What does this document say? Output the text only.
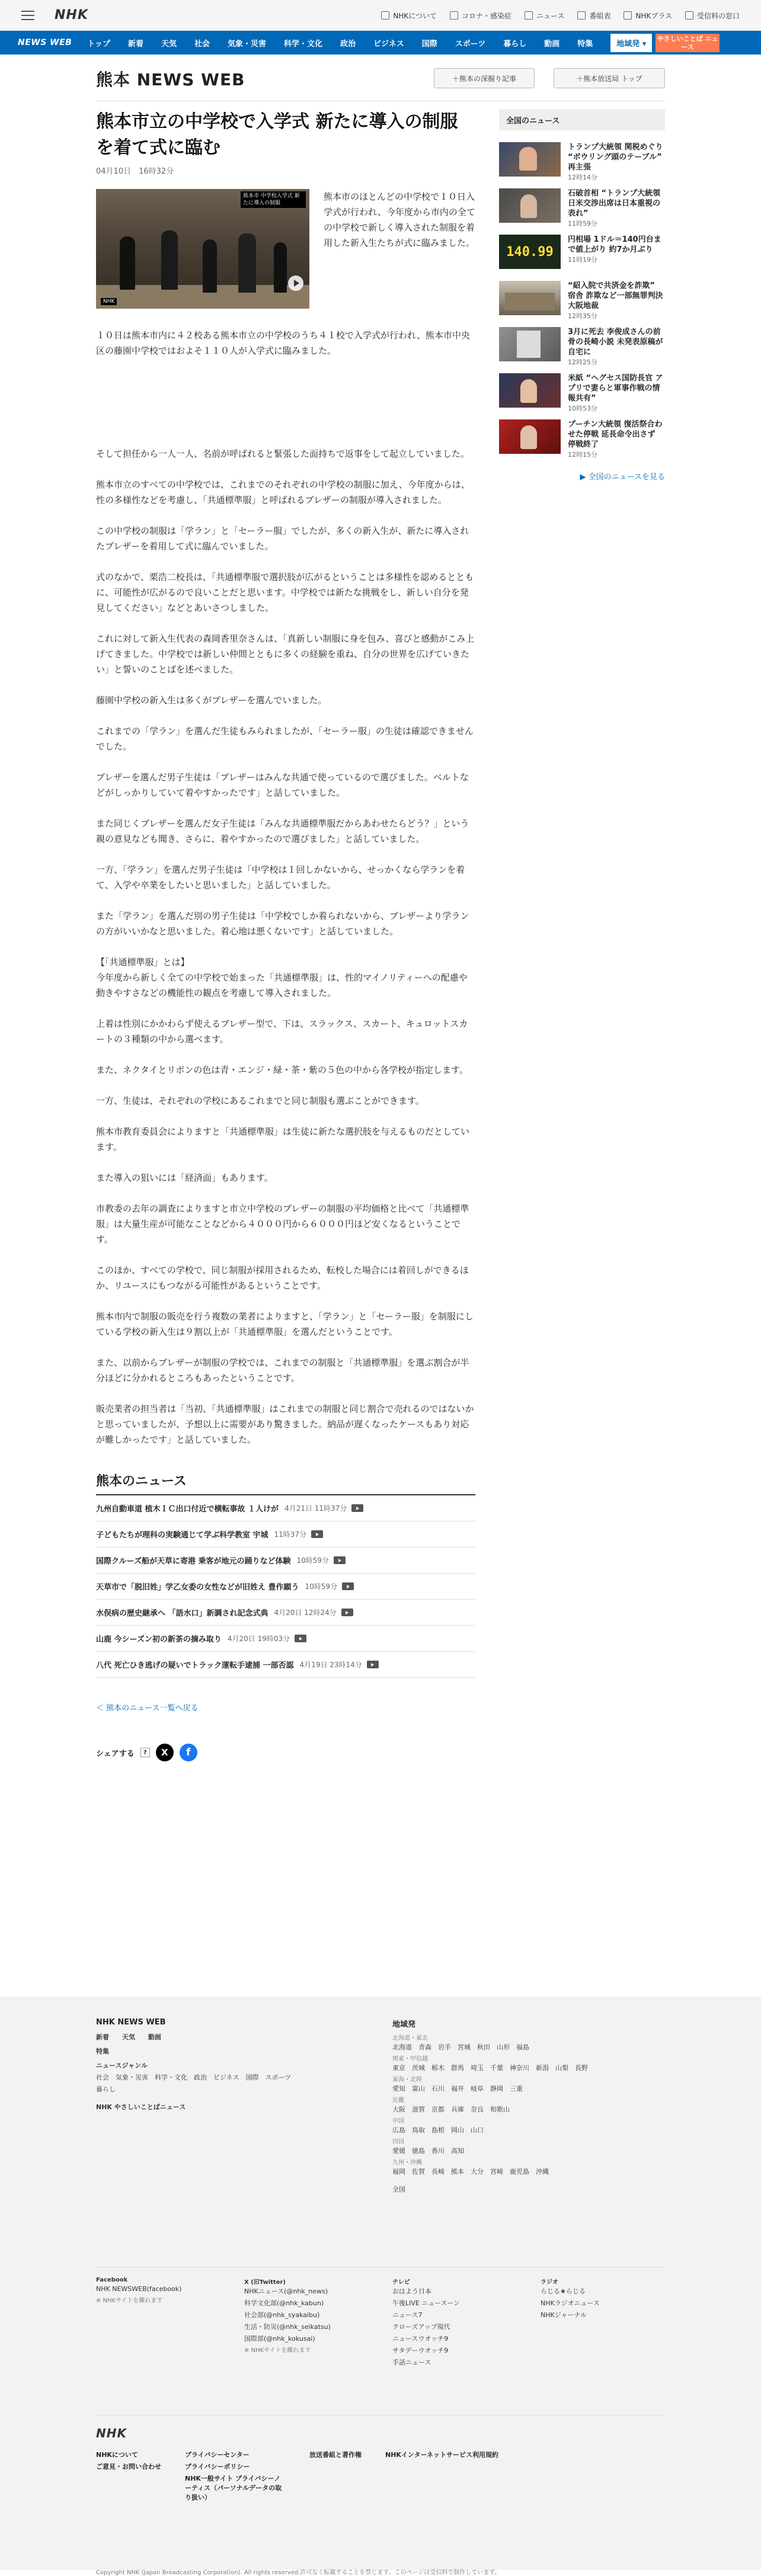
NHK	NHKについて	コロナ・感染症	ニュース	番組表	NHKプラス	受信料の窓口
NEWS WEB トップ 新着 天気 社会 気象・災害 科学・文化 政治 ビジネス 国際 スポーツ 暮らし 動画 特集	地域発 ▾
やさしいことば ニュース
熊本 NEWS WEB	＋熊本の深掘り記事	＋熊本放送局 トップ
熊本市立の中学校で入学式 新たに導入の制服を着て式に臨む
04月10日　16時32分
熊本市 中学校入学式 新たに導入の制服
NHK
熊本市のほとんどの中学校で１０日入学式が行われ、今年度から市内の全ての中学校で新しく導入された制服を着用した新入生たちが式に臨みました。
１０日は熊本市内に４２校ある熊本市立の中学校のうち４１校で入学式が行われ、熊本市中央区の藤園中学校ではおよそ１１０人が入学式に臨みました。

そして担任から一人一人、名前が呼ばれると緊張した面持ちで返事をして起立していました。

熊本市立のすべての中学校では、これまでのそれぞれの中学校の制服に加え、今年度からは、性の多様性などを考慮し、「共通標準服」と呼ばれるブレザーの制服が導入されました。

この中学校の制服は「学ラン」と「セーラー服」でしたが、多くの新入生が、新たに導入されたブレザーを着用して式に臨んでいました。

式のなかで、栗浩二校長は、「共通標準服で選択肢が広がるということは多様性を認めるとともに、可能性が広がるので良いことだと思います。中学校では新たな挑戦をし、新しい自分を発見してください」などとあいさつしました。

これに対して新入生代表の森岡香里奈さんは、「真新しい制服に身を包み、喜びと感動がこみ上げてきました。中学校では新しい仲間とともに多くの経験を重ね、自分の世界を広げていきたい」と誓いのことばを述べました。

藤園中学校の新入生は多くがブレザーを選んでいました。

これまでの「学ラン」を選んだ生徒もみられましたが、「セーラー服」の生徒は確認できませんでした。

ブレザーを選んだ男子生徒は「ブレザーはみんな共通で使っているので選びました。ベルトなどがしっかりしていて着やすかったです」と話していました。

また同じくブレザーを選んだ女子生徒は「みんな共通標準服だからあわせたらどう？」という親の意見なども聞き、さらに、着やすかったので選びました」と話していました。

一方、「学ラン」を選んだ男子生徒は「中学校は１回しかないから、せっかくなら学ランを着て、入学や卒業をしたいと思いました」と話していました。

また「学ラン」を選んだ別の男子生徒は「中学校でしか着られないから、ブレザーより学ランの方がいいかなと思いました。着心地は悪くないです」と話していました。

【「共通標準服」とは】
今年度から新しく全ての中学校で始まった「共通標準服」は、性的マイノリティーへの配慮や動きやすさなどの機能性の観点を考慮して導入されました。

上着は性別にかかわらず使えるブレザー型で、下は、スラックス、スカート、キュロットスカートの３種類の中から選べます。

また、ネクタイとリボンの色は青・エンジ・緑・茶・紫の５色の中から各学校が指定します。

一方、生徒は、それぞれの学校にあるこれまでと同じ制服も選ぶことができます。

熊本市教育委員会によりますと「共通標準服」は生徒に新たな選択肢を与えるものだとしています。

また導入の狙いには「経済面」もあります。

市教委の去年の調査によりますと市立中学校のブレザーの制服の平均価格と比べて「共通標準服」は大量生産が可能なことなどから４０００円から６０００円ほど安くなるということです。

このほか、すべての学校で、同じ制服が採用されるため、転校した場合には着回しができるほか、リユースにもつながる可能性があるということです。

熊本市内で制服の販売を行う複数の業者によりますと、「学ラン」と「セーラー服」を制服にしている学校の新入生は９割以上が「共通標準服」を選んだということです。

また、以前からブレザーが制服の学校では、これまでの制服と「共通標準服」を選ぶ割合が半分ほどに分かれるところもあったということです。

販売業者の担当者は「当初、「共通標準服」はこれまでの制服と同じ割合で売れるのではないかと思っていましたが、予想以上に需要があり驚きました。納品が遅くなったケースもあり対応が難しかったです」と話していました。

熊本のニュース
九州自動車道 植木ＩＣ出口付近で横転事故 １人けが 4月21日 11時37分
子どもたちが理科の実験通じて学ぶ科学教室 宇城 11時37分
国際クルーズ船が天草に寄港 乗客が地元の踊りなど体験 10時59分
天草市で「脱旧姓」学乙女委の女性などが旧姓え 豊作願う 10時59分
水俣病の歴史継承へ 「語水口」新調され記念式典 4月20日 12時24分
山鹿 今シーズン初の新茶の摘み取り 4月20日 19時03分
八代 死亡ひき逃げの疑いでトラック運転手逮捕 一部否認 4月19日 23時14分
＜ 熊本のニュース一覧へ戻る
シェアする	?	X	f
全国のニュース
トランプ大統領 関税めぐり “ボウリング頭のテーブル” 再主張
12時14分
石破首相 “トランプ大統領 日米交渉出席は日本重視の表れ”
11時59分
140.99
円相場 1ドル＝140円台まで値上がり 約7か月ぶり
11時19分
“紹入院で共済金を詐欺” 宿舎 詐欺など一部無罪判決 大阪地裁
12時35分
3月に死去 李俊成さんの前骨の長崎小説 未発表原稿が自宅に
12時25分
米紙 “ヘグセス国防長官 アプリで妻らと軍事作戦の情報共有”
10時53分
プーチン大統領 復活祭合わせた停戦 延長命令出さず 停戦終了
12時15分
▶ 全国のニュースを見る
NHK NEWS WEB
新着　　 天気　　 動画
特集
ニュースジャンル
社会　気象・災害　科学・文化　政治　ビジネス　国際　スポーツ
暮らし
NHK やさしいことばニュース
地域発
北海道・東北
北海道　青森　岩手　宮城　秋田　山形　福島
関東・甲信越
東京　茨城　栃木　群馬　埼玉　千葉　神奈川　新潟　山梨　長野
東海・北陸
愛知　富山　石川　福井　岐阜　静岡　三重
近畿
大阪　滋賀　京都　兵庫　奈良　和歌山
中国
広島　鳥取　島根　岡山　山口
四国
愛媛　徳島　香川　高知
九州・沖縄
福岡　佐賀　長崎　熊本　大分　宮崎　鹿児島　沖縄
全国
Facebook
NHK NEWSWEB(facebook)
※ NHKサイトを離れます
X (旧Twitter)
NHKニュース(@nhk_news)
科学文化部(@nhk_kabun)
社会部(@nhk_syakaibu)
生活・防災(@nhk_seikatsu)
国際部(@nhk_kokusai)
※ NHKサイトを離れます
テレビ
おはよう日本
午後LIVE ニュースーン
ニュース7
クローズアップ現代
ニュースウオッチ9
サタデーウオッチ9
手話ニュース
ラジオ
らじる★らじる
NHKラジオニュース
NHKジャーナル
NHK
NHKについて
ご意見・お問い合わせ
プライバシーセンター
プライバシーポリシー
NHK一般サイト プライバシーノーティス（パーソナルデータの取り扱い）
放送番組と著作権	NHKインターネットサービス利用規約
Copyright NHK (Japan Broadcasting Corporation). All rights reserved.許可なく転載することを禁じます。このページは受信料で制作しています。
